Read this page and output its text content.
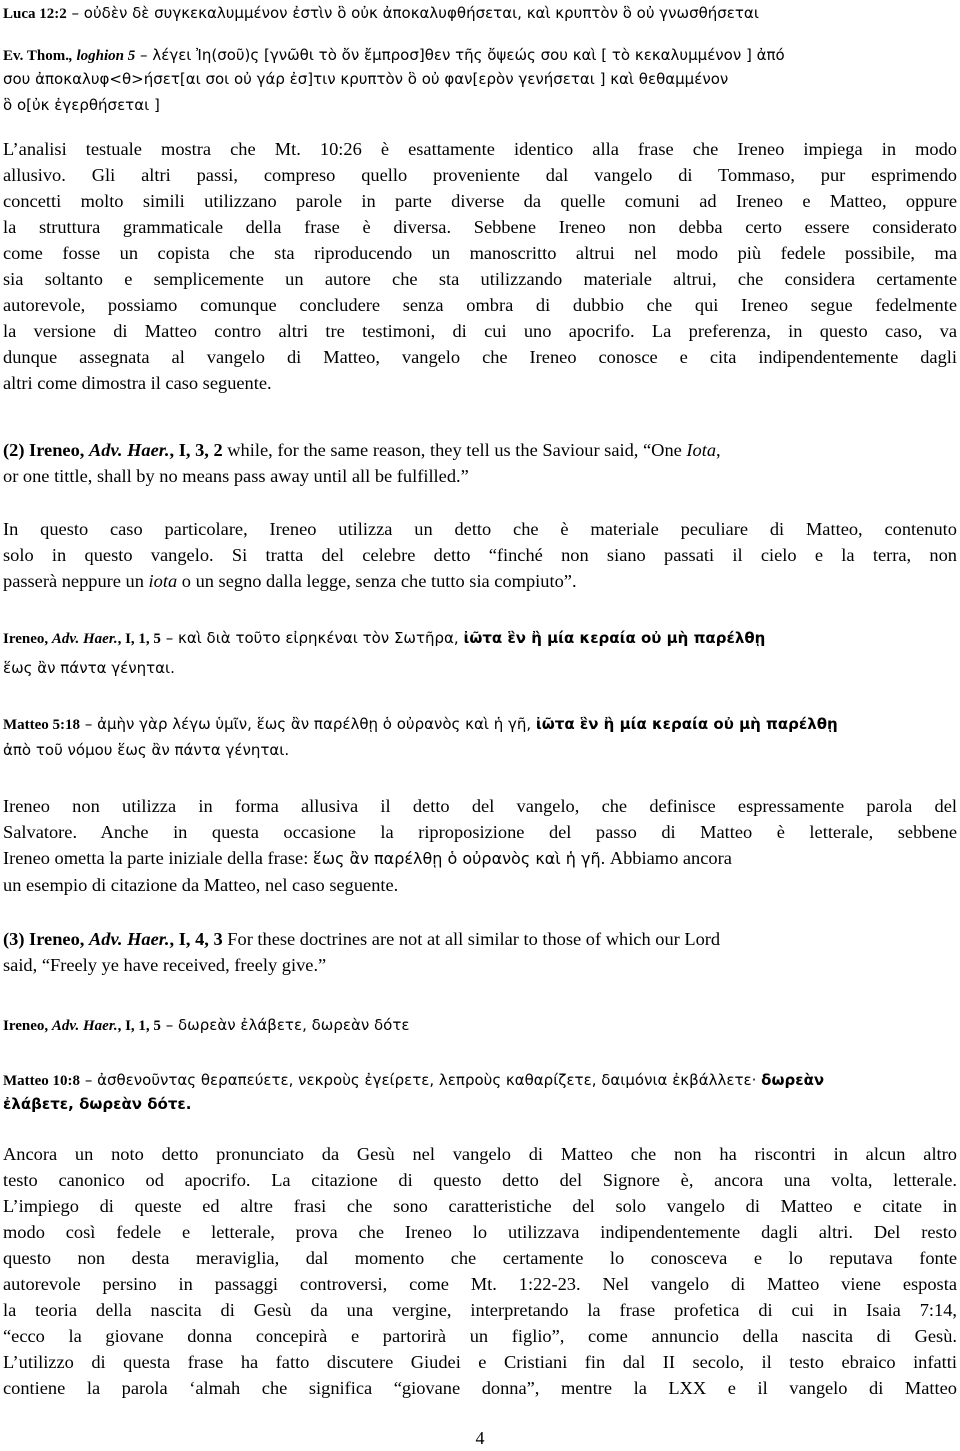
Luca 12:2 – οὐδὲν δὲ συγκεκαλυμμένον ἐστὶν ὃ οὐκ ἀποκαλυφθήσεται, καὶ κρυπτὸν ὃ οὐ γνωσθήσεται
Ev. Thom., loghion 5 – λέγει Ἰη(σοῦ)ς [γνῶθι τὸ ὄν ἔμπροσ]θεν τῆς ὄψεώς σου καὶ [ τὸ κεκαλυμμένον ] ἀπό
σου ἀποκαλυφ<θ>ήσετ[αι σοι οὐ γάρ ἐσ]τιν κρυπτὸν ὃ οὐ φαν[ερὸν γενήσεται ] καὶ θεθαμμένον
ὃ ο[ὐκ ἐγερθήσεται ]
L’analisi testuale mostra che Mt. 10:26 è esattamente identico alla frase che Ireneo impiega in modo
allusivo. Gli altri passi, compreso quello proveniente dal vangelo di Tommaso, pur esprimendo
concetti molto simili utilizzano parole in parte diverse da quelle comuni ad Ireneo e Matteo, oppure
la struttura grammaticale della frase è diversa. Sebbene Ireneo non debba certo essere considerato
come fosse un copista che sta riproducendo un manoscritto altrui nel modo più fedele possibile, ma
sia soltanto e semplicemente un autore che sta utilizzando materiale altrui, che considera certamente
autorevole, possiamo comunque concludere senza ombra di dubbio che qui Ireneo segue fedelmente
la versione di Matteo contro altri tre testimoni, di cui uno apocrifo. La preferenza, in questo caso, va
dunque assegnata al vangelo di Matteo, vangelo che Ireneo conosce e cita indipendentemente dagli
altri come dimostra il caso seguente.
(2) Ireneo, Adv. Haer., I, 3, 2 while, for the same reason, they tell us the Saviour said, “One Iota,
or one tittle, shall by no means pass away until all be fulfilled.”
In questo caso particolare, Ireneo utilizza un detto che è materiale peculiare di Matteo, contenuto
solo in questo vangelo. Si tratta del celebre detto “finché non siano passati il cielo e la terra, non
passerà neppure un iota o un segno dalla legge, senza che tutto sia compiuto”.
Ireneo, Adv. Haer., I, 1, 5 – καὶ διὰ τοῦτο εἰρηκέναι τὸν Σωτῆρα, ἰῶτα ἓν ἢ μία κεραία οὐ μὴ παρέλθῃ
ἕως ἂν πάντα γένηται.
Matteo 5:18 – ἀμὴν γὰρ λέγω ὑμῖν, ἕως ἂν παρέλθῃ ὁ οὐρανὸς καὶ ἡ γῆ, ἰῶτα ἓν ἢ μία κεραία οὐ μὴ παρέλθῃ
ἀπὸ τοῦ νόμου ἕως ἂν πάντα γένηται.
Ireneo non utilizza in forma allusiva il detto del vangelo, che definisce espressamente parola del
Salvatore. Anche in questa occasione la riproposizione del passo di Matteo è letterale, sebbene
Ireneo ometta la parte iniziale della frase: ἕως ἂν παρέλθῃ ὁ οὐρανὸς καὶ ἡ γῆ. Abbiamo ancora
un esempio di citazione da Matteo, nel caso seguente.
(3) Ireneo, Adv. Haer., I, 4, 3 For these doctrines are not at all similar to those of which our Lord
said, “Freely ye have received, freely give.”
Ireneo, Adv. Haer., I, 1, 5 – δωρεὰν ἐλάβετε, δωρεὰν δότε
Matteo 10:8 – ἀσθενοῦντας θεραπεύετε, νεκροὺς ἐγείρετε, λεπροὺς καθαρίζετε, δαιμόνια ἐκβάλλετε· δωρεὰν
ἐλάβετε, δωρεὰν δότε.
Ancora un noto detto pronunciato da Gesù nel vangelo di Matteo che non ha riscontri in alcun altro
testo canonico od apocrifo. La citazione di questo detto del Signore è, ancora una volta, letterale.
L’impiego di queste ed altre frasi che sono caratteristiche del solo vangelo di Matteo e citate in
modo così fedele e letterale, prova che Ireneo lo utilizzava indipendentemente dagli altri. Del resto
questo non desta meraviglia, dal momento che certamente lo conosceva e lo reputava fonte
autorevole persino in passaggi controversi, come Mt. 1:22-23. Nel vangelo di Matteo viene esposta
la teoria della nascita di Gesù da una vergine, interpretando la frase profetica di cui in Isaia 7:14,
“ecco la giovane donna concepirà e partorirà un figlio”, come annuncio della nascita di Gesù.
L’utilizzo di questa frase ha fatto discutere Giudei e Cristiani fin dal II secolo, il testo ebraico infatti
contiene la parola ‘almah che significa “giovane donna”, mentre la LXX e il vangelo di Matteo
4
